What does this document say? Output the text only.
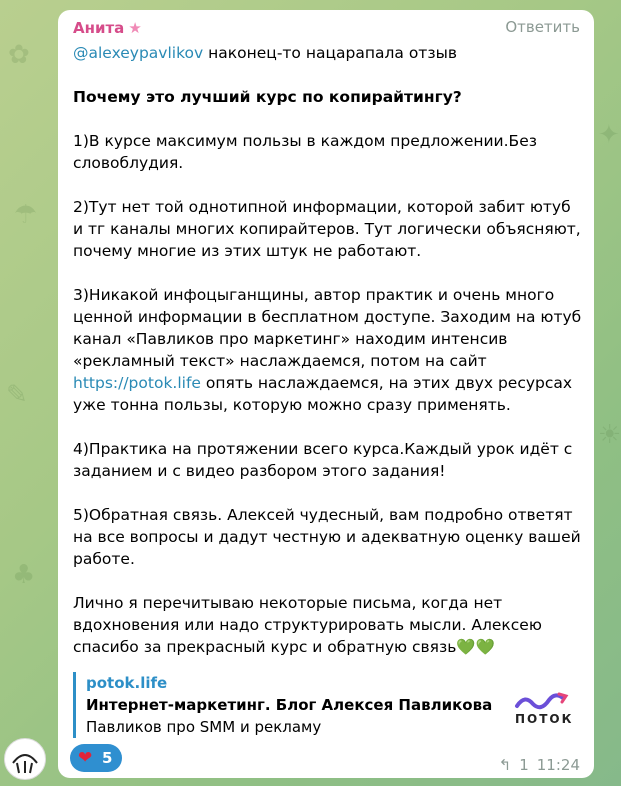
✿
☂
✎
♣
✦
☀
Анита ★	Ответить

@alexeypavlikov наконец-то нацарапала отзыв

Почему это лучший курс по копирайтингу?

1)В курсе максимум пользы в каждом предложении.Без словоблудия.

2)Тут нет той однотипной информации, которой забит ютуб и тг каналы многих копирайтеров. Тут логически объясняют, почему многие из этих штук не работают.

3)Никакой инфоцыганщины, автор практик и очень много ценной информации в бесплатном доступе. Заходим на ютуб канал «Павликов про маркетинг» находим интенсив «рекламный текст» наслаждаемся, потом на сайт https://potok.life опять наслаждаемся, на этих двух ресурсах уже тонна пользы, которую можно сразу применять.

4)Практика на протяжении всего курса.Каждый урок идёт с заданием и с видео разбором этого задания!

5)Обратная связь. Алексей чудесный, вам подробно ответят на все вопросы и дадут честную и адекватную оценку вашей работе.

Лично я перечитываю некоторые письма, когда нет вдохновения или надо структурировать мысли. Алексею спасибо за прекрасный курс и обратную связь💚💚

potok.life
Интернет-маркетинг. Блог Алексея Павликова
Павликов про SMM и рекламу	ПОТОК
❤ 5	↰ 1 11:24
